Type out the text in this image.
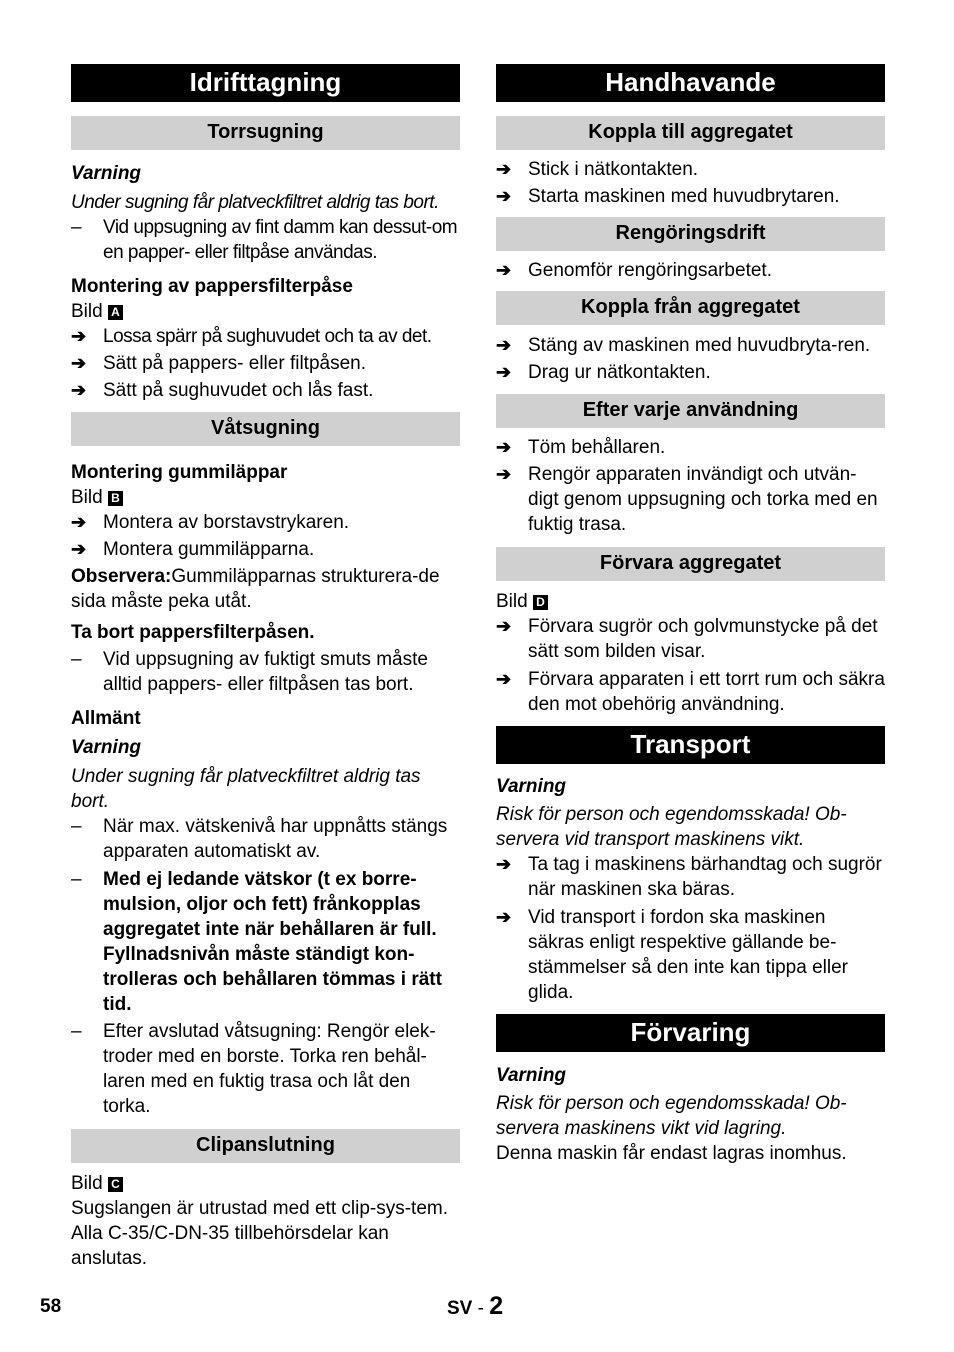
Idrifttagning
Torrsugning
Varning
Under sugning får platveckfiltret aldrig tas bort.
–	Vid uppsugning av fint damm kan dessut-om en papper- eller filtpåse användas.
Montering av pappersfilterpåse
Bild A
➔ Lossa spärr på sughuvudet och ta av det.
➔ Sätt på pappers- eller filtpåsen.
➔ Sätt på sughuvudet och lås fast.
Våtsugning
Montering gummiläppar
Bild B
➔ Montera av borstavstrykaren.
➔ Montera gummiläpparna.
Observera:Gummiläpparnas strukturera-de sida måste peka utåt.
Ta bort pappersfilterpåsen.
–	Vid uppsugning av fuktigt smuts måste alltid pappers- eller filtpåsen tas bort.
Allmänt
Varning
Under sugning får platveckfiltret aldrig tas bort.
–	När max. vätskenivå har uppnåtts stängs apparaten automatiskt av.
–	Med ej ledande vätskor (t ex borre-mulsion, oljor och fett) frånkopplas aggregatet inte när behållaren är full. Fyllnadsnivån måste ständigt kon-trolleras och behållaren tömmas i rätt tid.
–	Efter avslutad våtsugning: Rengör elek-troder med en borste. Torka ren behål-laren med en fuktig trasa och låt den torka.
Clipanslutning
Bild C
Sugslangen är utrustad med ett clip-sys-tem. Alla C-35/C-DN-35 tillbehörsdelar kan anslutas.
Handhavande
Koppla till aggregatet
➔ Stick i nätkontakten.
➔ Starta maskinen med huvudbrytaren.
Rengöringsdrift
➔ Genomför rengöringsarbetet.
Koppla från aggregatet
➔ Stäng av maskinen med huvudbryta-ren.
➔ Drag ur nätkontakten.
Efter varje användning
➔ Töm behållaren.
➔ Rengör apparaten invändigt och utvän-digt genom uppsugning och torka med en fuktig trasa.
Förvara aggregatet
Bild D
➔ Förvara sugrör och golvmunstycke på det sätt som bilden visar.
➔ Förvara apparaten i ett torrt rum och säkra den mot obehörig användning.
Transport
Varning
Risk för person och egendomsskada! Ob-servera vid transport maskinens vikt.
➔ Ta tag i maskinens bärhandtag och sugrör när maskinen ska bäras.
➔ Vid transport i fordon ska maskinen säkras enligt respektive gällande be-stämmelser så den inte kan tippa eller glida.
Förvaring
Varning
Risk för person och egendomsskada! Ob-servera maskinens vikt vid lagring.
Denna maskin får endast lagras inomhus.
58	SV - 2
